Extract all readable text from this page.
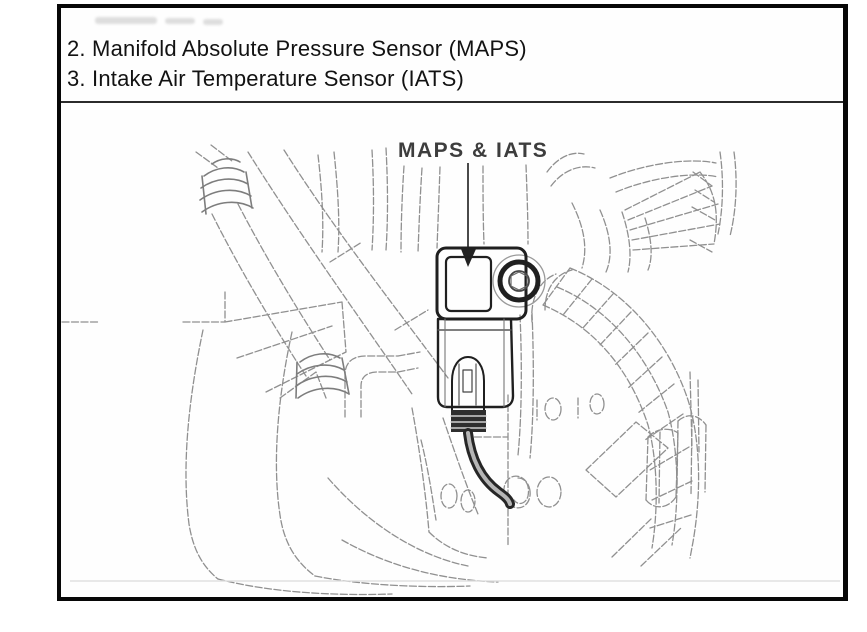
2. Manifold Absolute Pressure Sensor (MAPS)
3. Intake Air Temperature Sensor (IATS)
MAPS & IATS
